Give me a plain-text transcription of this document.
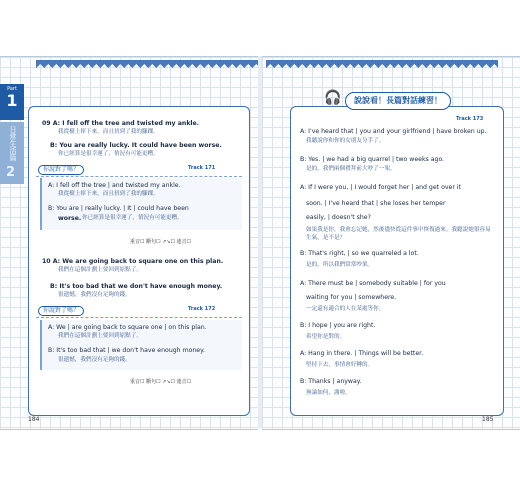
Part
1
日常生活篇
2
09 A: I fell off the tree and twisted my ankle.
我從樹上摔下來，而且扭到了我的腳踝。
B: You are really lucky. It could have been worse.
你已經算是很幸運了，情況有可能更糟。
你說對了嗎？	Track 171
A: I fell off the tree | and twisted my ankle.
我從樹上摔下來，而且扭到了我的腳踝。
B: You are | really lucky. | It | could have been
worse. 你已經算是很幸運了，情況有可能更糟。
重音☐ 斷句☐ ↗↘☐ 連音☐
10 A: We are going back to square one on this plan.
我們在這個計劃上要回到原點了。
B: It's too bad that we don't have enough money.
很遺憾，我們沒有足夠的錢。
你說對了嗎？	Track 172
A: We | are going back to square one | on this plan.
我們在這個計劃上要回到原點了。
B: It's too bad that | we don't have enough money.
很遺憾，我們沒有足夠的錢。
重音☐ 斷句☐ ↗↘☐ 連音☐
184
🎧	說說看！長篇對話練習！
Track 173
A: I've heard that | you and your girlfriend | have broken up.
我聽說你和你的女朋友分手了。
B: Yes. | we had a big quarrel | two weeks ago.
是的，我們兩個禮拜前大吵了一架。
A: If I were you, | I would forget her | and get over it
soon. | I've heard that | she loses her temper
easily, | doesn't she?
如果我是你，我會忘記她，然後儘快從這件事中恢復過來。我聽說她很容易生氣，是不是？
B: That's right, | so we quarreled a lot.
是的，所以我們常常吵架。
A: There must be | somebody suitable | for you
waiting for you | somewhere.
一定還有適合的人在某處等你。
B: I hope | you are right.
希望你是對的。
A: Hang in there. | Things will be better.
堅持下去，事情會好轉的。
B: Thanks | anyway.
無論如何，謝啦。
185
